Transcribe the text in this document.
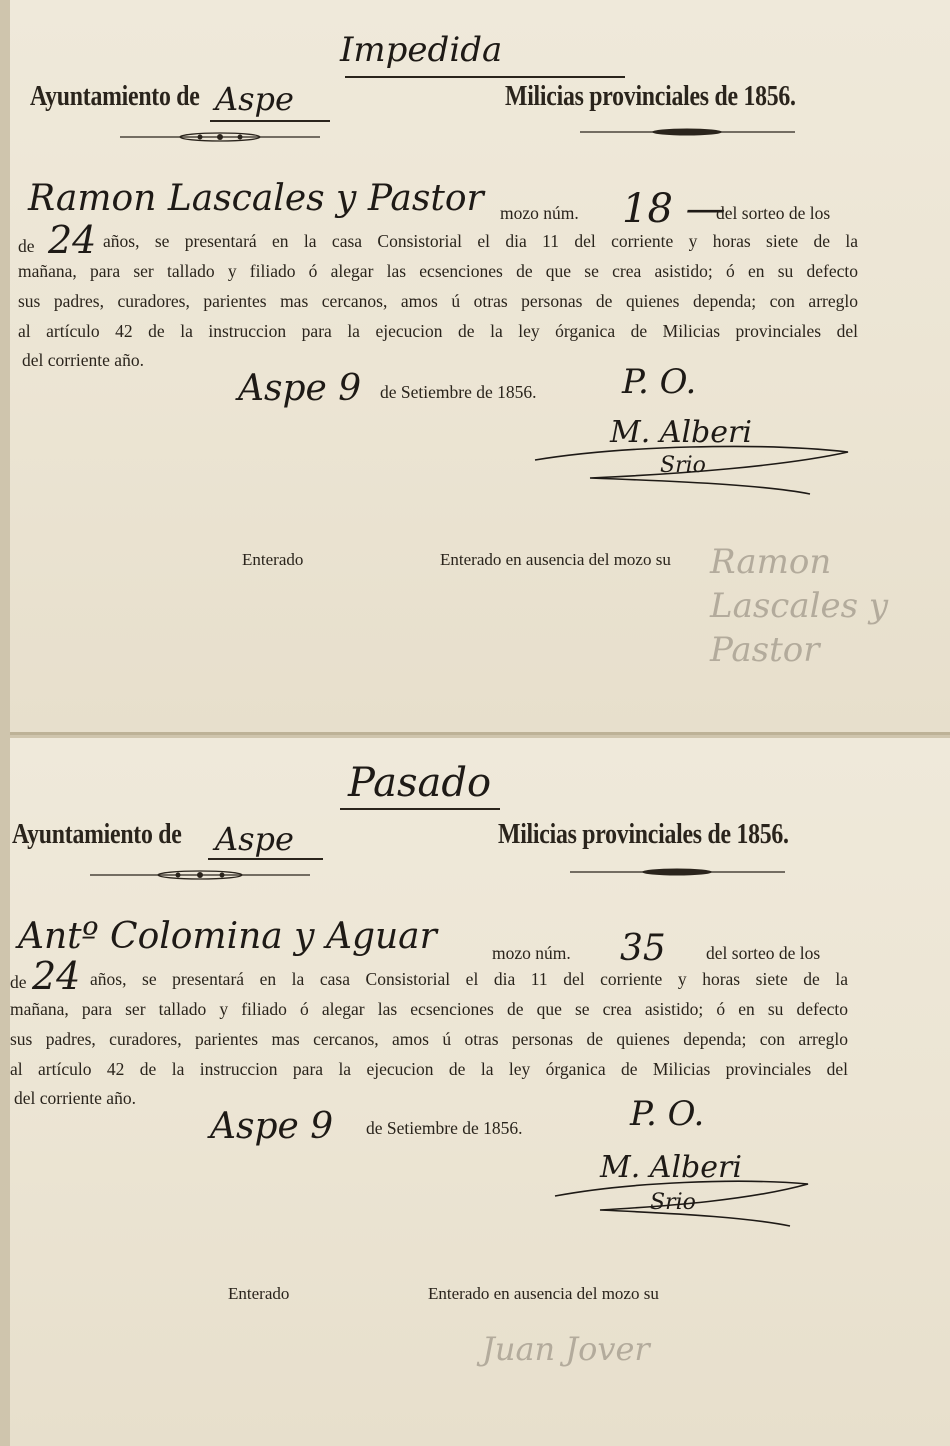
Impedida
Ayuntamiento de Aspe	Milicias provinciales de 1856.
Ramon Lascales y Pastor mozo núm. 18 —
del sorteo de los
de 24 años, se presentará en la casa Consistorial el dia 11 del corriente y horas siete de la
mañana, para ser tallado y filiado ó alegar las ecsenciones de que se crea asistido; ó en su defecto
sus padres, curadores, parientes mas cercanos, amos ú otras personas de quienes dependa; con arreglo
al artículo 42 de la instruccion para la ejecucion de la ley órganica de Milicias provinciales del
del corriente año.
Aspe 9 de Setiembre de 1856.	P. O.
M. Alberi
Srio
Enterado	Enterado en ausencia del mozo su Ramon Lascales y Pastor
Pasado
Ayuntamiento de Aspe	Milicias provinciales de 1856.
Antº Colomina y Aguar	mozo núm. 35 del sorteo de los
de 24 años, se presentará en la casa Consistorial el dia 11 del corriente y horas siete de la
mañana, para ser tallado y filiado ó alegar las ecsenciones de que se crea asistido; ó en su defecto
sus padres, curadores, parientes mas cercanos, amos ú otras personas de quienes dependa; con arreglo
al artículo 42 de la instruccion para la ejecucion de la ley órganica de Milicias provinciales del
del corriente año.
Aspe 9 de Setiembre de 1856.	P. O.
M. Alberi
Srio
Enterado	Enterado en ausencia del mozo su
Juan Jover
